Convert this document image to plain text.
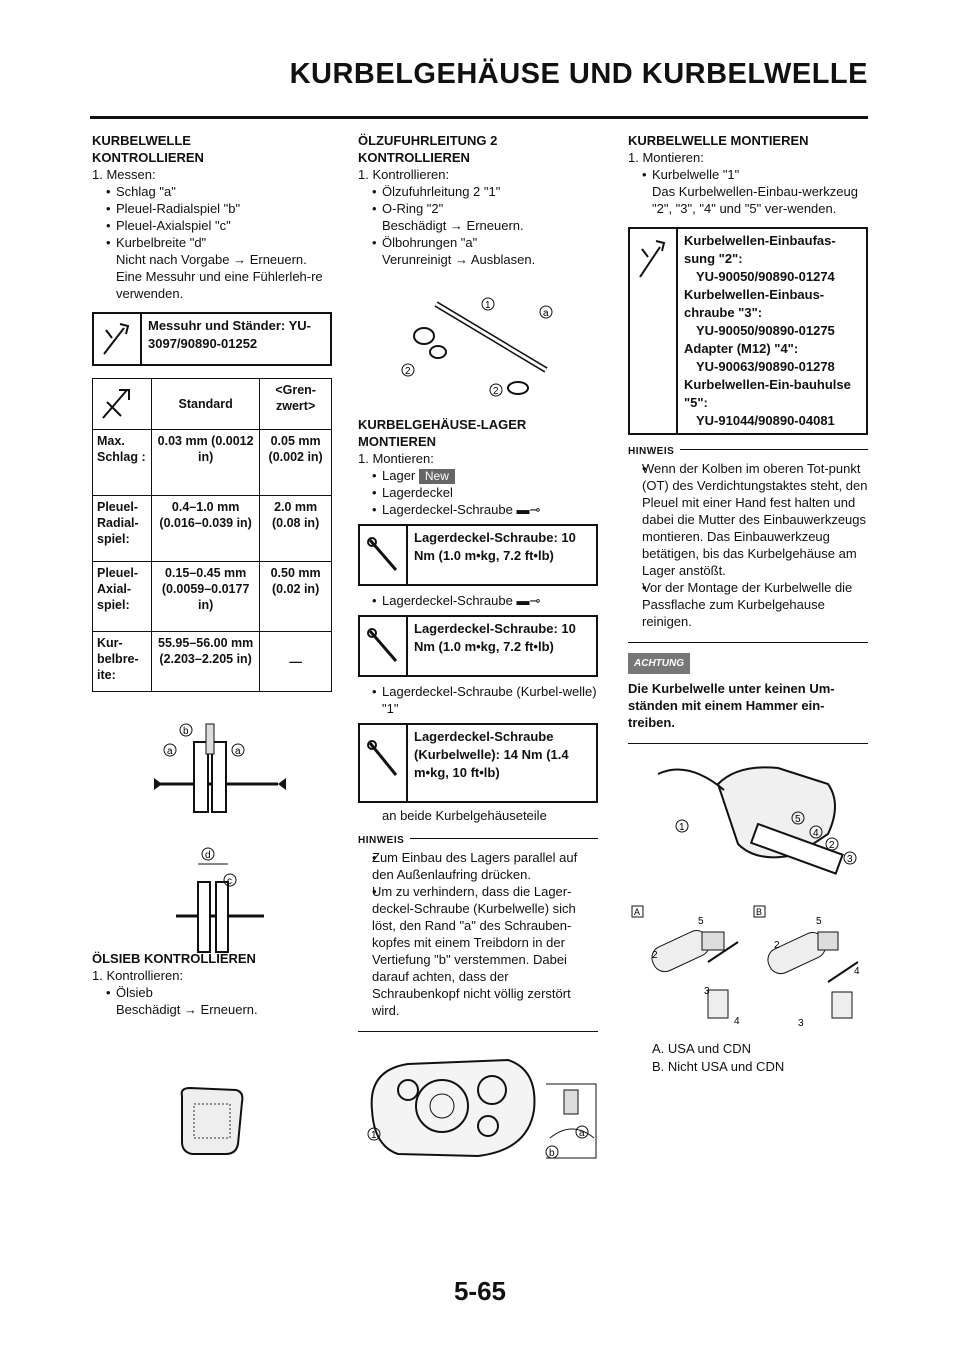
KURBELGEHÄUSE UND KURBELWELLE
KURBELWELLE KONTROLLIEREN
1. Messen:
• Schlag "a"
• Pleuel-Radialspiel "b"
• Pleuel-Axialspiel "c"
• Kurbelbreite "d"
Nicht nach Vorgabe → Erneuern.
Eine Messuhr und eine Fühlerleh-re verwenden.
Messuhr und Ständer: YU-3097/90890-01252
	Standard	<Gren-zwert>
Max. Schlag :	0.03 mm (0.0012 in)	0.05 mm (0.002 in)
Pleuel-Radial-spiel:	0.4–1.0 mm (0.016–0.039 in)	2.0 mm (0.08 in)
Pleuel-Axial-spiel:	0.15–0.45 mm (0.0059–0.0177 in)	0.50 mm (0.02 in)
Kur-belbre-ite:	55.95–56.00 mm (2.203–2.205 in)	—
a	a
b
d
c
ÖLSIEB KONTROLLIEREN
1. Kontrollieren:
• Ölsieb
Beschädigt → Erneuern.
ÖLZUFUHRLEITUNG 2 KONTROLLIEREN
1. Kontrollieren:
• Ölzufuhrleitung 2 "1"
• O-Ring "2"
Beschädigt → Erneuern.
• Ölbohrungen "a"
Verunreinigt → Ausblasen.
1
a
2
2
KURBELGEHÄUSE-LAGER MONTIEREN
1. Montieren:
• Lager New
• Lagerdeckel
• Lagerdeckel-Schraube ▬⊸
Lagerdeckel-Schraube: 10 Nm (1.0 m•kg, 7.2 ft•lb)
• Lagerdeckel-Schraube ▬⊸
Lagerdeckel-Schraube: 10 Nm (1.0 m•kg, 7.2 ft•lb)
• Lagerdeckel-Schraube (Kurbel-welle) "1"
Lagerdeckel-Schraube (Kurbelwelle): 14 Nm (1.4 m•kg, 10 ft•lb)
an beide Kurbelgehäuseteile
HINWEIS
• Zum Einbau des Lagers parallel auf den Außenlaufring drücken.
• Um zu verhindern, dass die Lager-deckel-Schraube (Kurbelwelle) sich löst, den Rand "a" des Schrauben-kopfes mit einem Treibdorn in der Vertiefung "b" verstemmen. Dabei darauf achten, dass der Schraubenkopf nicht völlig zerstört wird.
1	a
b
KURBELWELLE MONTIEREN
1. Montieren:
• Kurbelwelle "1"
Das Kurbelwellen-Einbau-werkzeug "2", "3", "4" und "5" ver-wenden.
Kurbelwellen-Einbaufas-sung "2":
YU-90050/90890-01274
Kurbelwellen-Einbaus-chraube "3":
YU-90050/90890-01275
Adapter (M12) "4":
YU-90063/90890-01278
Kurbelwellen-Ein-bauhulse "5":
YU-91044/90890-04081
HINWEIS
• Wenn der Kolben im oberen Tot-punkt (OT) des Verdichtungstaktes steht, den Pleuel mit einer Hand fest halten und dabei die Mutter des Einbauwerkzeugs montieren. Das Einbauwerkzeug betätigen, bis das Kurbelgehäuse am Lager anstößt.
• Vor der Montage der Kurbelwelle die Passflache zum Kurbelgehause reinigen.
ACHTUNG
Die Kurbelwelle unter keinen Um-ständen mit einem Hammer ein-treiben.
1
5
4
2
3
A	B
5
2
3
4
5
2
4
3
A. USA und CDN
B. Nicht USA und CDN
5-65
